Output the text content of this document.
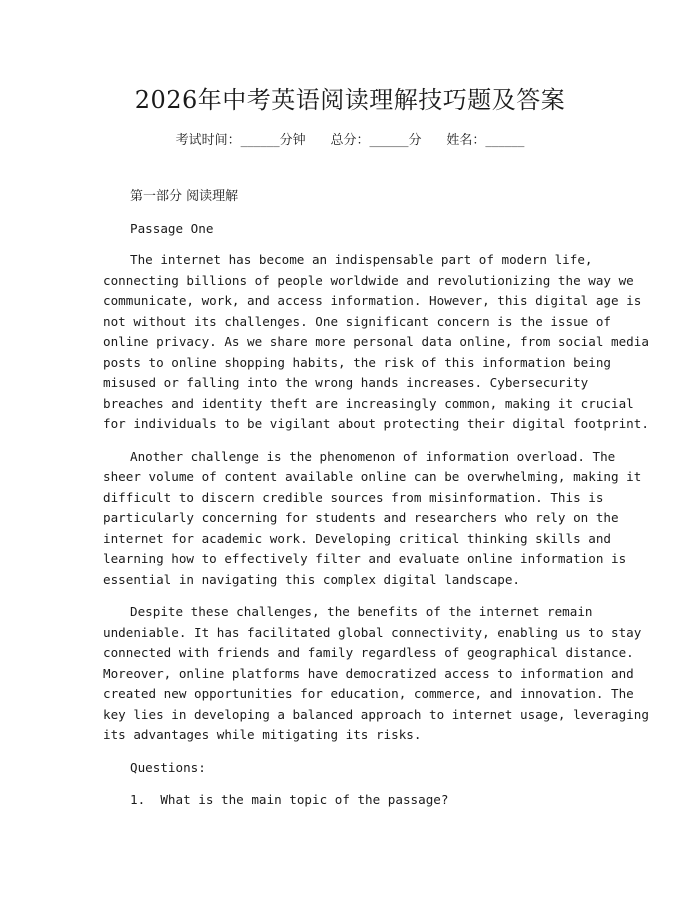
2026年中考英语阅读理解技巧题及答案
考试时间：______分钟 总分：______分 姓名：______

第一部分 阅读理解

Passage One

The internet has become an indispensable part of modern life,
connecting billions of people worldwide and revolutionizing the way we
communicate, work, and access information. However, this digital age is
not without its challenges. One significant concern is the issue of
online privacy. As we share more personal data online, from social media
posts to online shopping habits, the risk of this information being
misused or falling into the wrong hands increases. Cybersecurity
breaches and identity theft are increasingly common, making it crucial
for individuals to be vigilant about protecting their digital footprint.

Another challenge is the phenomenon of information overload. The
sheer volume of content available online can be overwhelming, making it
difficult to discern credible sources from misinformation. This is
particularly concerning for students and researchers who rely on the
internet for academic work. Developing critical thinking skills and
learning how to effectively filter and evaluate online information is
essential in navigating this complex digital landscape.

Despite these challenges, the benefits of the internet remain
undeniable. It has facilitated global connectivity, enabling us to stay
connected with friends and family regardless of geographical distance.
Moreover, online platforms have democratized access to information and
created new opportunities for education, commerce, and innovation. The
key lies in developing a balanced approach to internet usage, leveraging
its advantages while mitigating its risks.

Questions:

1. What is the main topic of the passage?
